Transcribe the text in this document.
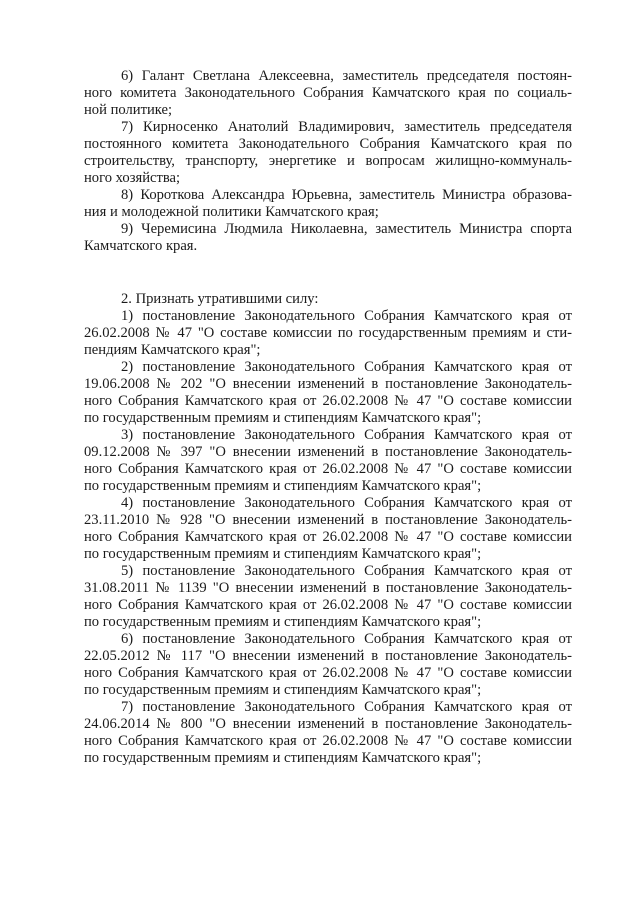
6) Галант Светлана Алексеевна, заместитель председателя постоян-
ного комитета Законодательного Собрания Камчатского края по социаль-
ной политике;
7) Кирносенко Анатолий Владимирович, заместитель председателя
постоянного комитета Законодательного Собрания Камчатского края по
строительству, транспорту, энергетике и вопросам жилищно-коммуналь-
ного хозяйства;
8) Короткова Александра Юрьевна, заместитель Министра образова-
ния и молодежной политики Камчатского края;
9) Черемисина Людмила Николаевна, заместитель Министра спорта
Камчатского края.
2. Признать утратившими силу:
1) постановление Законодательного Собрания Камчатского края от
26.02.2008 № 47 "О составе комиссии по государственным премиям и сти-
пендиям Камчатского края";
2) постановление Законодательного Собрания Камчатского края от
19.06.2008 № 202 "О внесении изменений в постановление Законодатель-
ного Собрания Камчатского края от 26.02.2008 № 47 "О составе комиссии
по государственным премиям и стипендиям Камчатского края";
3) постановление Законодательного Собрания Камчатского края от
09.12.2008 № 397 "О внесении изменений в постановление Законодатель-
ного Собрания Камчатского края от 26.02.2008 № 47 "О составе комиссии
по государственным премиям и стипендиям Камчатского края";
4) постановление Законодательного Собрания Камчатского края от
23.11.2010 № 928 "О внесении изменений в постановление Законодатель-
ного Собрания Камчатского края от 26.02.2008 № 47 "О составе комиссии
по государственным премиям и стипендиям Камчатского края";
5) постановление Законодательного Собрания Камчатского края от
31.08.2011 № 1139 "О внесении изменений в постановление Законодатель-
ного Собрания Камчатского края от 26.02.2008 № 47 "О составе комиссии
по государственным премиям и стипендиям Камчатского края";
6) постановление Законодательного Собрания Камчатского края от
22.05.2012 № 117 "О внесении изменений в постановление Законодатель-
ного Собрания Камчатского края от 26.02.2008 № 47 "О составе комиссии
по государственным премиям и стипендиям Камчатского края";
7) постановление Законодательного Собрания Камчатского края от
24.06.2014 № 800 "О внесении изменений в постановление Законодатель-
ного Собрания Камчатского края от 26.02.2008 № 47 "О составе комиссии
по государственным премиям и стипендиям Камчатского края";
